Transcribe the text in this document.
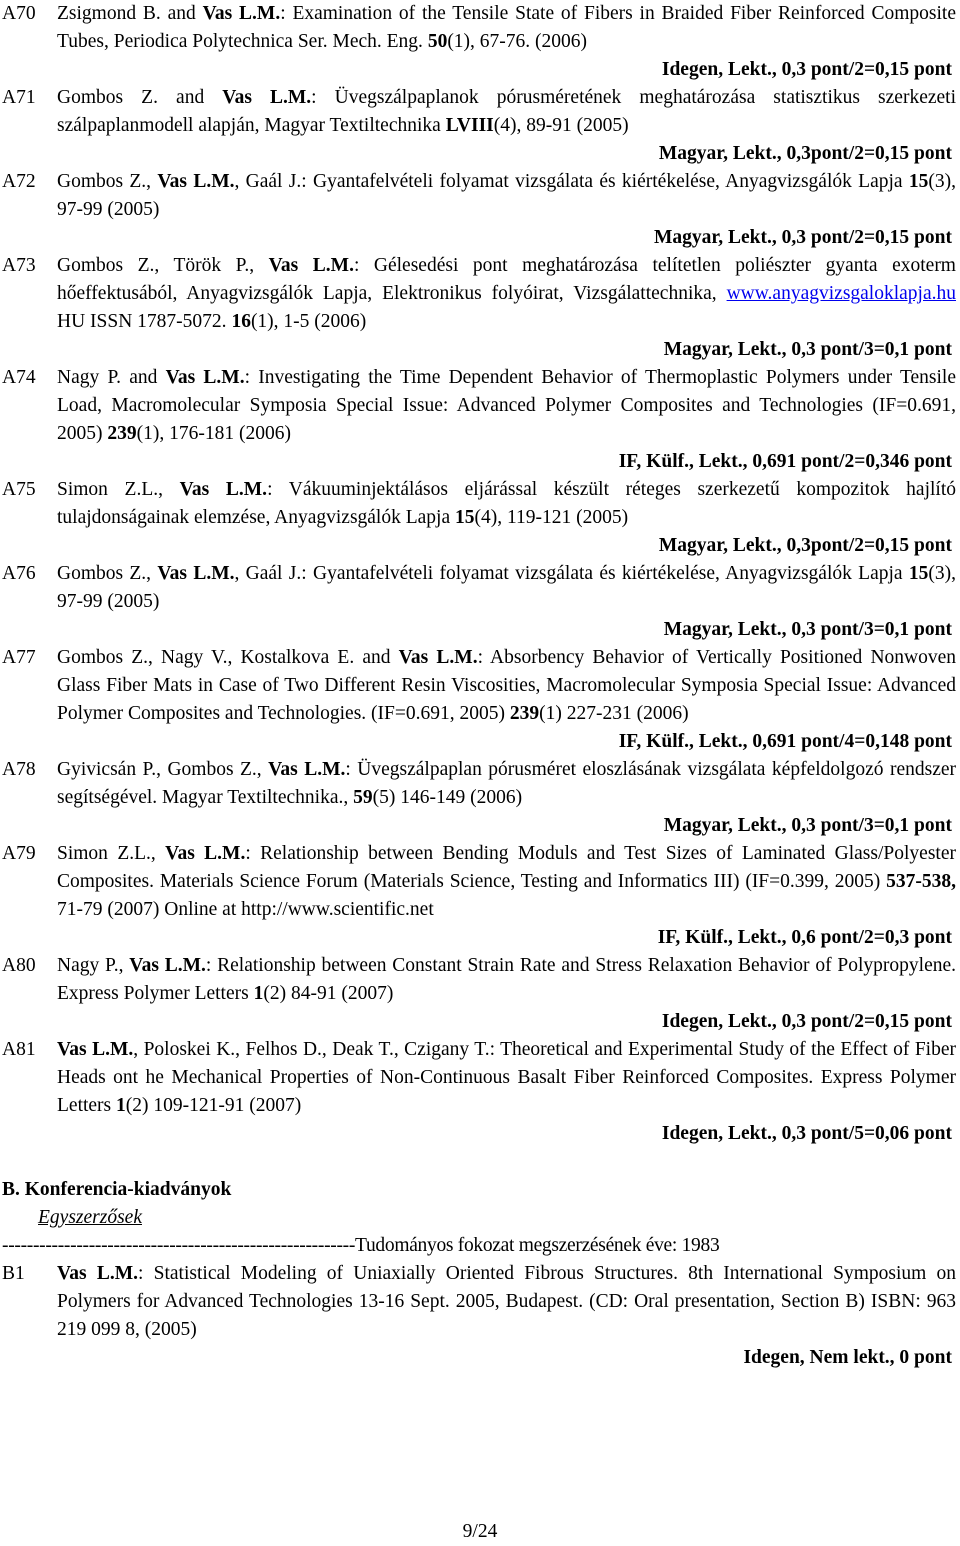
A70 Zsigmond B. and Vas L.M.: Examination of the Tensile State of Fibers in Braided Fiber Reinforced Composite Tubes, Periodica Polytechnica Ser. Mech. Eng. 50(1), 67-76. (2006)
Idegen, Lekt., 0,3 pont/2=0,15 pont
A71 Gombos Z. and Vas L.M.: Üvegszálpaplanok pórusméretének meghatározása statisztikus szerkezeti szálpaplanmodell alapján, Magyar Textiltechnika LVIII(4), 89-91 (2005)
Magyar, Lekt., 0,3pont/2=0,15 pont
A72 Gombos Z., Vas L.M., Gaál J.: Gyantafelvételi folyamat vizsgálata és kiértékelése, Anyagvizsgálók Lapja 15(3), 97-99 (2005)
Magyar, Lekt., 0,3 pont/2=0,15 pont
A73 Gombos Z., Török P., Vas L.M.: Gélesedési pont meghatározása telítetlen poliészter gyanta exoterm hőeffektusából, Anyagvizsgálók Lapja, Elektronikus folyóirat, Vizsgálattechnika, www.anyagvizsgaloklapja.hu HU ISSN 1787-5072. 16(1), 1-5 (2006)
Magyar, Lekt., 0,3 pont/3=0,1 pont
A74 Nagy P. and Vas L.M.: Investigating the Time Dependent Behavior of Thermoplastic Polymers under Tensile Load, Macromolecular Symposia Special Issue: Advanced Polymer Composites and Technologies (IF=0.691, 2005) 239(1), 176-181 (2006)
IF, Külf., Lekt., 0,691 pont/2=0,346 pont
A75 Simon Z.L., Vas L.M.: Vákuuminjektálásos eljárással készült réteges szerkezetű kompozitok hajlító tulajdonságainak elemzése, Anyagvizsgálók Lapja 15(4), 119-121 (2005)
Magyar, Lekt., 0,3pont/2=0,15 pont
A76 Gombos Z., Vas L.M., Gaál J.: Gyantafelvételi folyamat vizsgálata és kiértékelése, Anyagvizsgálók Lapja 15(3), 97-99 (2005)
Magyar, Lekt., 0,3 pont/3=0,1 pont
A77 Gombos Z., Nagy V., Kostalkova E. and Vas L.M.: Absorbency Behavior of Vertically Positioned Nonwoven Glass Fiber Mats in Case of Two Different Resin Viscosities, Macromolecular Symposia Special Issue: Advanced Polymer Composites and Technologies. (IF=0.691, 2005) 239(1) 227-231 (2006)
IF, Külf., Lekt., 0,691 pont/4=0,148 pont
A78 Gyivicsán P., Gombos Z., Vas L.M.: Üvegszálpaplan pórusméret eloszlásának vizsgálata képfeldolgozó rendszer segítségével. Magyar Textiltechnika., 59(5) 146-149 (2006)
Magyar, Lekt., 0,3 pont/3=0,1 pont
A79 Simon Z.L., Vas L.M.: Relationship between Bending Moduls and Test Sizes of Laminated Glass/Polyester Composites. Materials Science Forum (Materials Science, Testing and Informatics III) (IF=0.399, 2005) 537-538, 71-79 (2007) Online at http://www.scientific.net
IF, Külf., Lekt., 0,6 pont/2=0,3 pont
A80 Nagy P., Vas L.M.: Relationship between Constant Strain Rate and Stress Relaxation Behavior of Polypropylene. Express Polymer Letters 1(2) 84-91 (2007)
Idegen, Lekt., 0,3 pont/2=0,15 pont
A81 Vas L.M., Poloskei K., Felhos D., Deak T., Czigany T.: Theoretical and Experimental Study of the Effect of Fiber Heads ont he Mechanical Properties of Non-Continuous Basalt Fiber Reinforced Composites. Express Polymer Letters 1(2) 109-121-91 (2007)
Idegen, Lekt., 0,3 pont/5=0,06 pont
B. Konferencia-kiadványok
Egyszerzősek
---------------------------------------------------------Tudományos fokozat megszerzésének éve: 1983
B1 Vas L.M.: Statistical Modeling of Uniaxially Oriented Fibrous Structures. 8th International Symposium on Polymers for Advanced Technologies 13-16 Sept. 2005, Budapest. (CD: Oral presentation, Section B) ISBN: 963 219 099 8, (2005)
Idegen, Nem lekt., 0 pont
9/24
